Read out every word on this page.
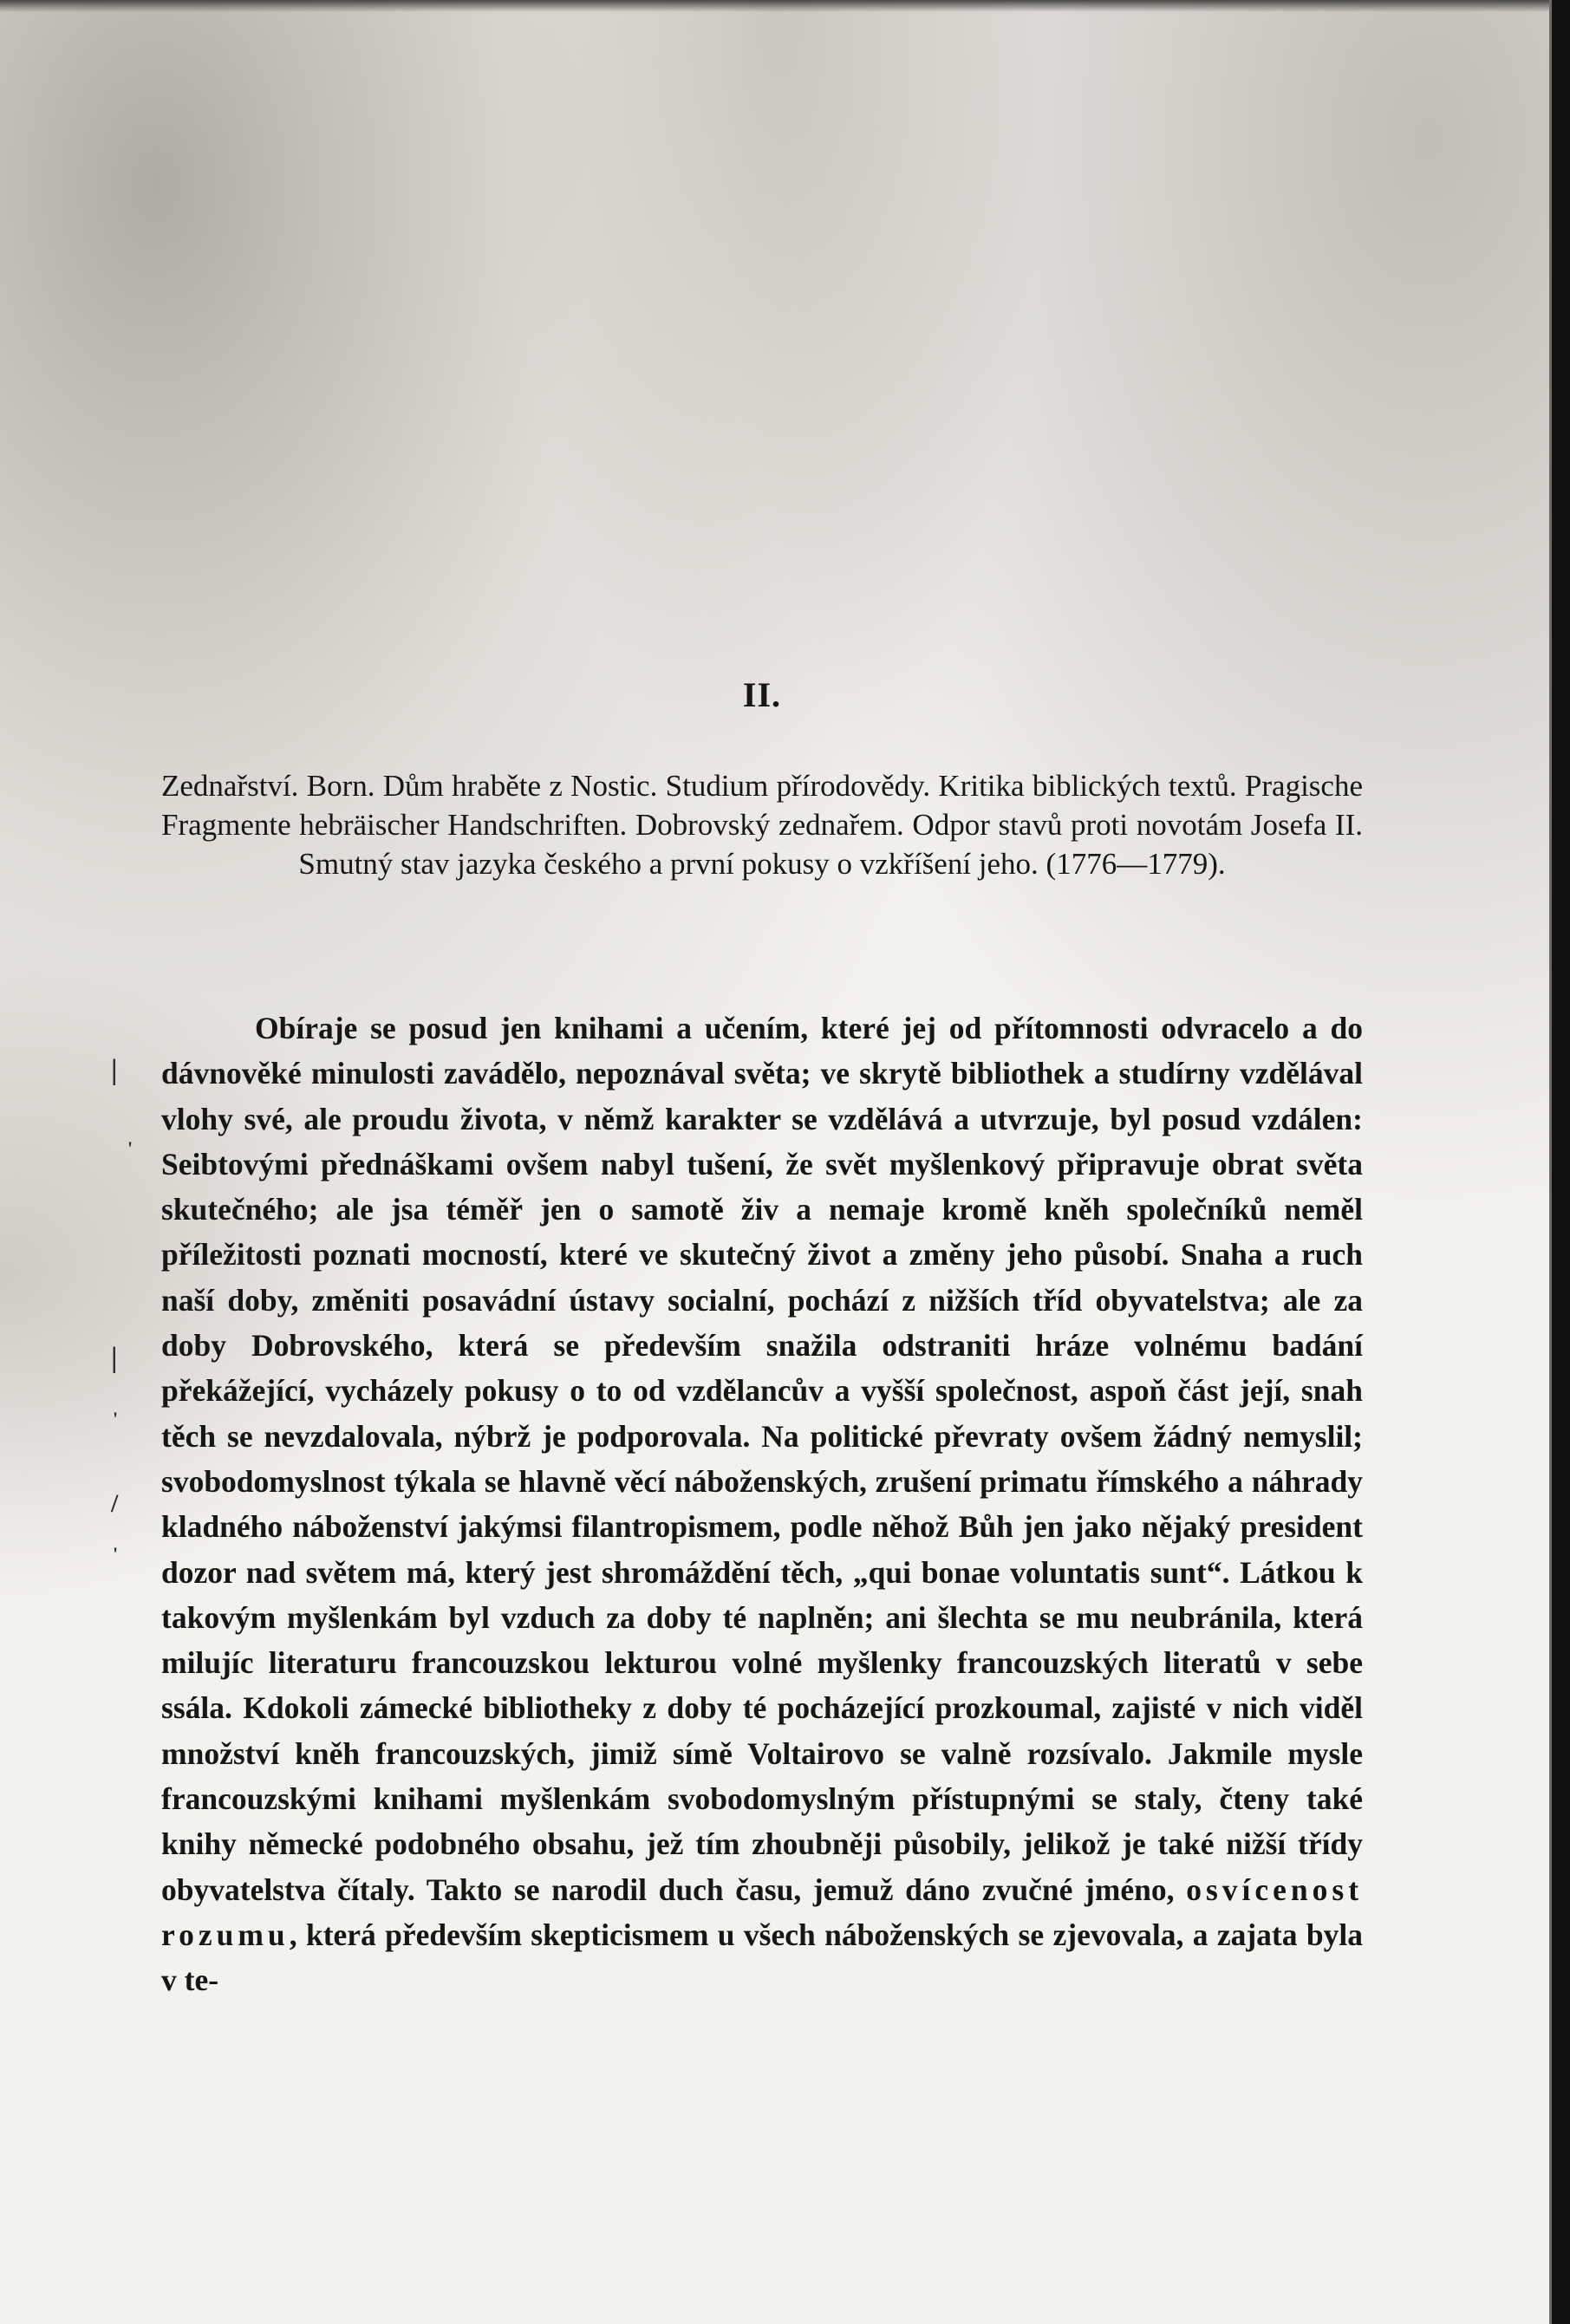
|
'
|
'
/
'
II.
Zednařství. Born. Dům hraběte z Nostic. Studium přírodovědy. Kritika biblických textů. Pragische Fragmente hebräischer Handschriften. Dobrovský zednařem. Odpor stavů proti novotám Josefa II. Smutný stav jazyka českého a první pokusy o vzkříšení jeho. (1776—1779).
Obíraje se posud jen knihami a učením, které jej od přítomnosti odvracelo a do dávnověké minulosti zavádělo, nepoznával světa; ve skrytě bibliothek a studírny vzdělával vlohy své, ale proudu života, v němž karakter se vzdělává a utvrzuje, byl posud vzdálen: Seibtovými přednáškami ovšem nabyl tušení, že svět myšlenkový připravuje obrat světa skutečného; ale jsa téměř jen o samotě živ a nemaje kromě kněh společníků neměl příležitosti poznati mocností, které ve skutečný život a změny jeho působí. Snaha a ruch naší doby, změniti posavádní ústavy socialní, pochází z nižších tříd obyvatelstva; ale za doby Dobrovského, která se především snažila odstraniti hráze volnému badání překážející, vycházely pokusy o to od vzdělancův a vyšší společnost, aspoň část její, snah těch se nevzdalovala, nýbrž je podporovala. Na politické převraty ovšem žádný nemyslil; svobodomyslnost týkala se hlavně věcí náboženských, zrušení primatu římského a náhrady kladného náboženství jakýmsi filantropismem, podle něhož Bůh jen jako nějaký president dozor nad světem má, který jest shromáždění těch, „qui bonae voluntatis sunt“. Látkou k takovým myšlenkám byl vzduch za doby té naplněn; ani šlechta se mu neubránila, která milujíc literaturu francouzskou lekturou volné myšlenky francouzských literatů v sebe ssála. Kdokoli zámecké bibliotheky z doby té pocházející prozkoumal, zajisté v nich viděl množství kněh francouzských, jimiž símě Voltairovo se valně rozsívalo. Jakmile mysle francouzskými knihami myšlenkám svobodomyslným přístupnými se staly, čteny také knihy německé podobného obsahu, jež tím zhoubněji působily, jelikož je také nižší třídy obyvatelstva čítaly. Takto se narodil duch času, jemuž dáno zvučné jméno, osvícenost rozumu, která především skepticismem u všech náboženských se zjevovala, a zajata byla v te-
